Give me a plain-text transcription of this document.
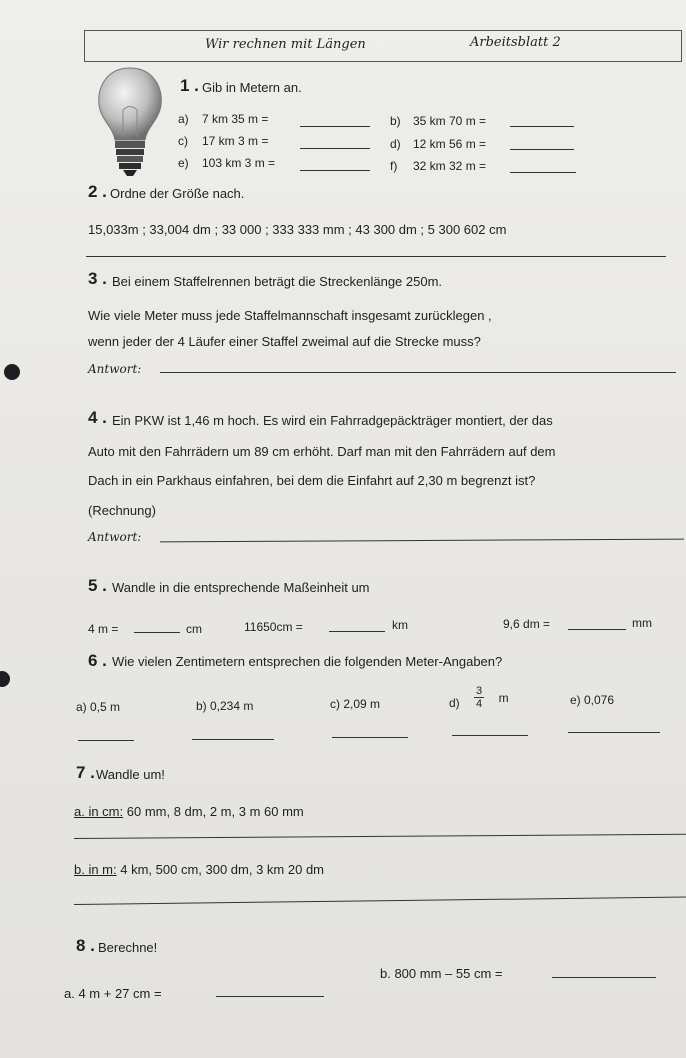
Wir rechnen mit Längen	Arbeitsblatt 2
1 . Gib in Metern an.
a) 7 km 35 m =	b) 35 km 70 m =
c) 17 km 3 m =	d) 12 km 56 m =
e) 103 km 3 m =	f) 32 km 32 m =
2 . Ordne der Größe nach.
15,033m ; 33,004 dm ; 33 000 ; 333 333 mm ; 43 300 dm ; 5 300 602 cm
3 . Bei einem Staffelrennen beträgt die Streckenlänge 250m.
Wie viele Meter muss jede Staffelmannschaft insgesamt zurücklegen ,
wenn jeder der 4 Läufer einer Staffel zweimal auf die Strecke muss?
Antwort:
4 . Ein PKW ist 1,46 m hoch. Es wird ein Fahrradgepäckträger montiert, der das
Auto mit den Fahrrädern um 89 cm erhöht. Darf man mit den Fahrrädern auf dem
Dach in ein Parkhaus einfahren, bei dem die Einfahrt auf 2,30 m begrenzt ist?
(Rechnung)
Antwort:
5 . Wandle in die entsprechende Maßeinheit um
4 m =	cm	11650cm =	km	9,6 dm =	mm
6 . Wie vielen Zentimetern entsprechen die folgenden Meter-Angaben?
a) 0,5 m	b) 0,234 m	c) 2,09 m	$d) \frac{3}{4}$ m	e) 0,076
7 . Wandle um!
a. in cm: 60 mm, 8 dm, 2 m, 3 m 60 mm
b. in m: 4 km, 500 cm, 300 dm, 3 km 20 dm
8 . Berechne!
a. 4 m + 27 cm =
b. 800 mm – 55 cm =
